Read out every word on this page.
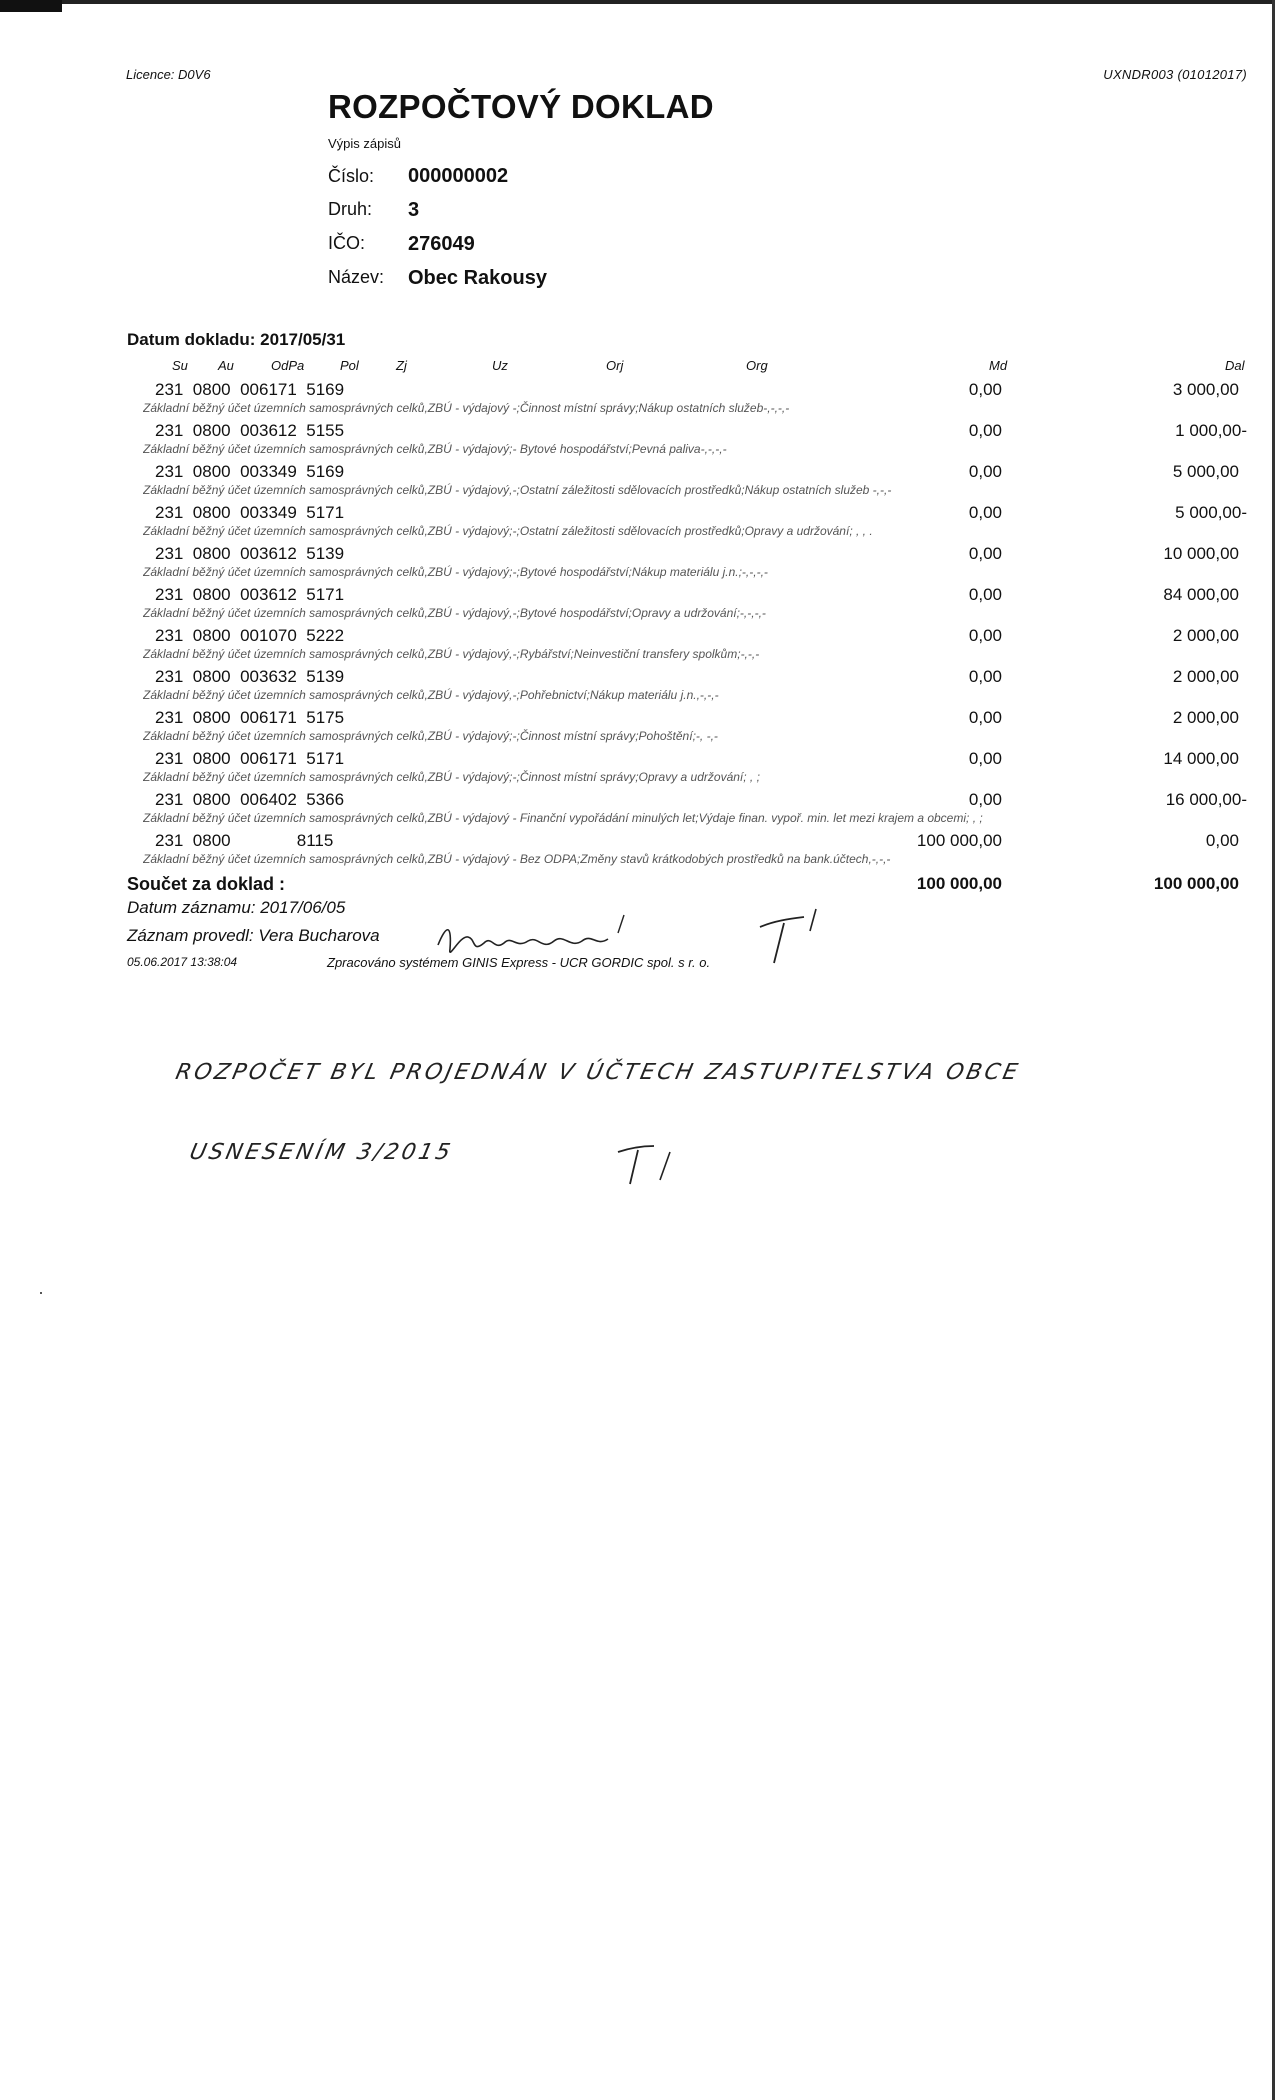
Licence: D0V6	UXNDR003 (01012017)
ROZPOČTOVÝ DOKLAD
Výpis zápisů
Číslo: 000000002
Druh: 3
IČO: 276049
Název: Obec Rakousy
Datum dokladu: 2017/05/31
Su Au	OdPa	Pol	Zj	Uz	Orj	Org	Md	Dal
231  0800  006171  5169	0,00	3 000,00
Základní běžný účet územních samosprávných celků,ZBÚ - výdajový -;Činnost místní správy;Nákup ostatních služeb-,-,-,-
231  0800  003612  5155	0,00	1 000,00-
Základní běžný účet územních samosprávných celků,ZBÚ - výdajový;- Bytové hospodářství;Pevná paliva-,-,-,-
231  0800  003349  5169	0,00	5 000,00
Základní běžný účet územních samosprávných celků,ZBÚ - výdajový,-;Ostatní záležitosti sdělovacích prostředků;Nákup ostatních služeb -,-,-
231  0800  003349  5171	0,00	5 000,00-
Základní běžný účet územních samosprávných celků,ZBÚ - výdajový;-;Ostatní záležitosti sdělovacích prostředků;Opravy a udržování; , , .
231  0800  003612  5139	0,00	10 000,00
Základní běžný účet územních samosprávných celků,ZBÚ - výdajový;-;Bytové hospodářství;Nákup materiálu j.n.;-,-,-,-
231  0800  003612  5171	0,00	84 000,00
Základní běžný účet územních samosprávných celků,ZBÚ - výdajový,-;Bytové hospodářství;Opravy a udržování;-,-,-,-
231  0800  001070  5222	0,00	2 000,00
Základní běžný účet územních samosprávných celků,ZBÚ - výdajový,-;Rybářství;Neinvestiční transfery spolkům;-,-,-
231  0800  003632  5139	0,00	2 000,00
Základní běžný účet územních samosprávných celků,ZBÚ - výdajový,-;Pohřebnictví;Nákup materiálu j.n.,-,-,-
231  0800  006171  5175	0,00	2 000,00
Základní běžný účet územních samosprávných celků,ZBÚ - výdajový;-;Činnost místní správy;Pohoštění;-, -,-
231  0800  006171  5171	0,00	14 000,00
Základní běžný účet územních samosprávných celků,ZBÚ - výdajový;-;Činnost místní správy;Opravy a udržování; , ;
231  0800  006402  5366	0,00	16 000,00-
Základní běžný účet územních samosprávných celků,ZBÚ - výdajový - Finanční vypořádání minulých let;Výdaje finan. vypoř. min. let mezi krajem a obcemi; , ;
231  0800              8115	100 000,00	0,00
Základní běžný účet územních samosprávných celků,ZBÚ - výdajový - Bez ODPA;Změny stavů krátkodobých prostředků na bank.účtech,-,-,-
Součet za doklad :	100 000,00	100 000,00
Datum záznamu: 2017/06/05
Záznam provedl: Vera Bucharova
05.06.2017 13:38:04	Zpracováno systémem GINIS Express - UCR GORDIC spol. s r. o.
ROZPOČET BYL PROJEDNÁN V ÚČTECH ZASTUPITELSTVA OBCE
USNESENÍM 3/2015
